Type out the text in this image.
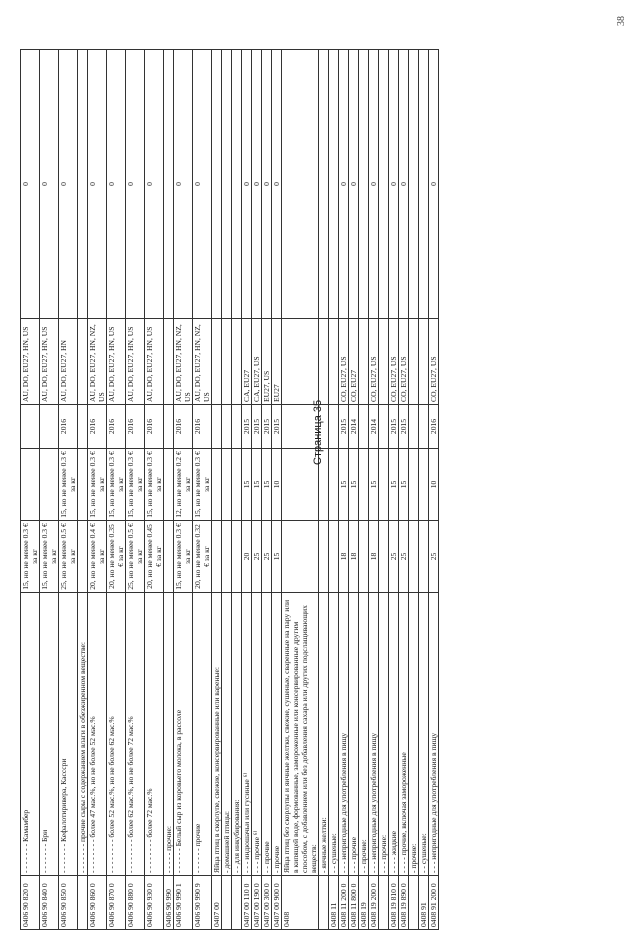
0406 90 820 0	- - - - - - - Камамбер	15, но не менее 0.3 € за кг			AU, DO, EU27, HN, US	0
0406 90 840 0	- - - - - - - Бри	15, но не менее 0.3 € за кг			AU, DO, EU27, HN, US	0
0406 90 850 0	- - - - - - - Кефалотиривера, Касссри	25, но не менее 0.5 € за кг	15, но не менее 0.3 € за кг	2016	AU, DO, EU27, HN	0
	- - - - - - - прочие сыры с содержанием влаги в обезжиренном веществе:					
0406 90 860 0	- - - - - - - - более 47 мас.%, но не более 52 мас.%	20, но не менее 0.4 € за кг	15, но не менее 0.3 € за кг	2016	AU, DO, EU27, HN, NZ, US	0
0406 90 870 0	- - - - - - - - более 52 мас.%, но не более 62 мас.%	20, но не менее 0.35 € за кг	15, но не менее 0.3 € за кг	2016	AU, DO, EU27, HN, US	0
0406 90 880 0	- - - - - - - - более 62 мас.%, но не более 72 мас.%	25, но не менее 0.5 € за кг	15, но не менее 0.3 € за кг	2016	AU, DO, EU27, HN, US	0
0406 90 930 0	- - - - - - - - более 72 мас.%	20, но не менее 0.45 € за кг	15, но не менее 0.3 € за кг	2016	AU, DO, EU27, HN, US	0
0406 90 990	- - - - - прочие:					
0406 90 990 1	- - - - - - Белый сыр из коровьего молока, в рассоле	15, но не менее 0.3 € за кг	12, но не менее 0.2 € за кг	2016	AU, DO, EU27, HN, NZ, US	0
0406 90 990 9	- - - - - - прочие	20, но не менее 0.32 € за кг	15, но не менее 0.3 € за кг	2016	AU, DO, EU27, HN, NZ, US	0
0407 00	Яйца птиц в скорлупе, свежие, консервированные или вареные:					
	- домашней птицы:					
	- - для инкубирования:					
0407 00 110 0	- - - индюшачьи или гусиные ⁶⁾	20	15	2015	CA, EU27	0
0407 00 190 0	- - - прочие ⁶⁾	25	15	2015	CA, EU27, US	0
0407 00 300 0	- - прочие	25	15	2015	EU27, US	0
0407 00 900 0	- прочие	15	10	2015	EU27	0
0408	Яйца птиц без скорлупы и яичные желтки, свежие, сушеные, сваренные на пару или в кипящей воде, формованные, замороженные или консервированные другим способом, с добавлением или без добавления сахара или других подслащивающих веществ:					
	- яичные желтки:					
0408 11	- - сушеные:					
0408 11 200 0	- - - непригодные для употребления в пищу	18	15	2015	CO, EU27, US	0
0408 11 800 0	- - - прочие	18	15	2014	CO, EU27	0
0408 19	- - прочие:					
0408 19 200 0	- - - непригодные для употребления в пищу	18	15	2014	CO, EU27, US	0
	- - - прочие:					
0408 19 810 0	- - - - жидкие	25	15	2015	CO, EU27, US	0
0408 19 890 0	- - - - прочие, включая замороженные	25	15	2015	CO, EU27, US	0
	- прочие:					
0408 91	- - сушеные:					
0408 91 200 0	- - - непригодные для употребления в пищу	25	10	2016	CO, EU27, US	0
Страница 35
38
